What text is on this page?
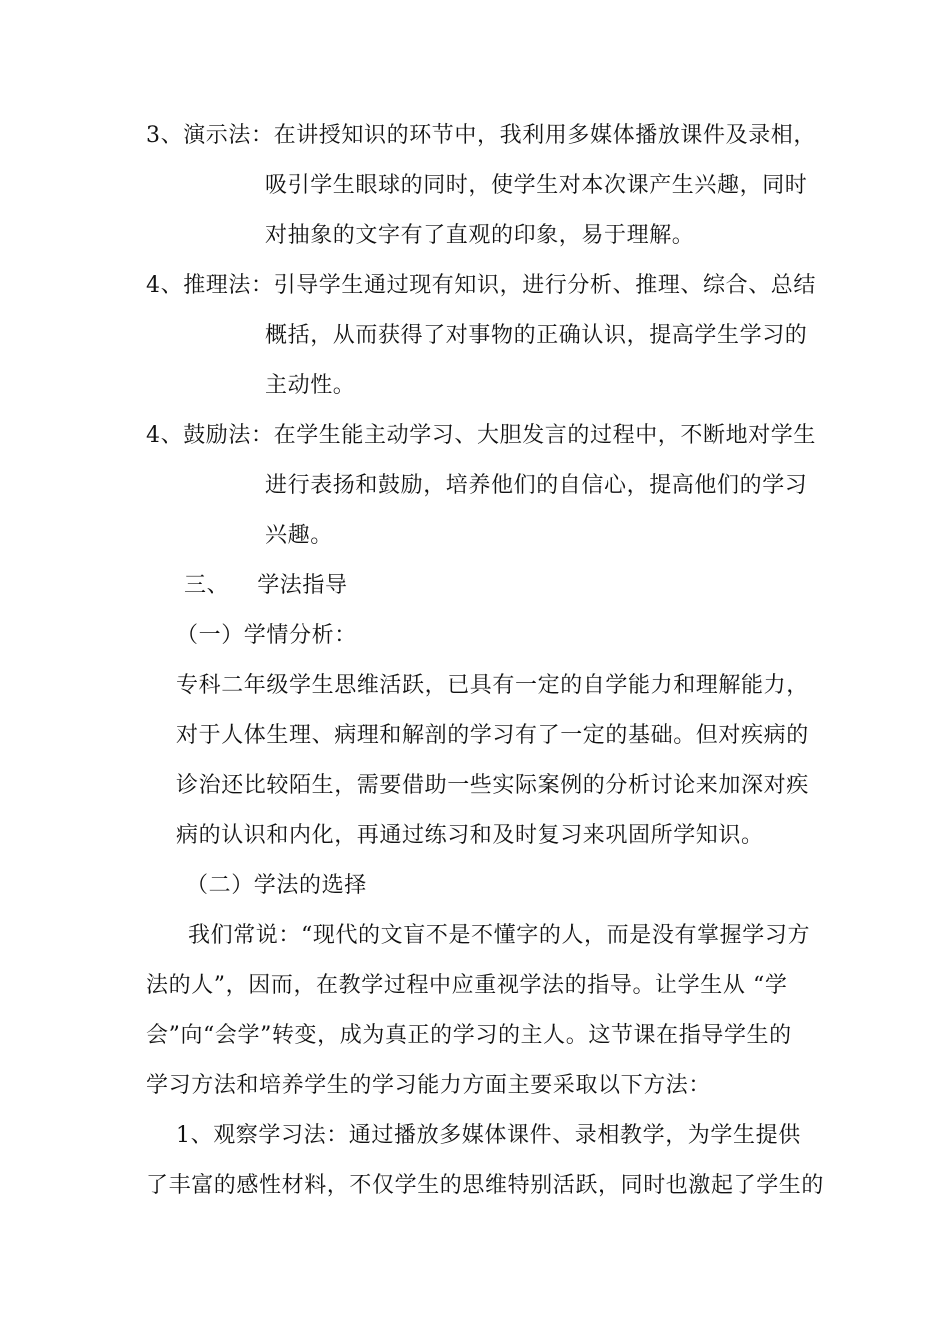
3、演示法：在讲授知识的环节中，我利用多媒体播放课件及录相，
吸引学生眼球的同时，使学生对本次课产生兴趣，同时
对抽象的文字有了直观的印象，易于理解。
4、推理法：引导学生通过现有知识，进行分析、推理、综合、总结
概括，从而获得了对事物的正确认识，提高学生学习的
主动性。
4、鼓励法：在学生能主动学习、大胆发言的过程中，不断地对学生
进行表扬和鼓励，培养他们的自信心，提高他们的学习
兴趣。
三、 学法指导
（一）学情分析：
专科二年级学生思维活跃，已具有一定的自学能力和理解能力，
对于人体生理、病理和解剖的学习有了一定的基础。但对疾病的
诊治还比较陌生，需要借助一些实际案例的分析讨论来加深对疾
病的认识和内化，再通过练习和及时复习来巩固所学知识。
（二）学法的选择
我们常说：“现代的文盲不是不懂字的人，而是没有掌握学习方
法的人”，因而，在教学过程中应重视学法的指导。让学生从 “学
会”向“会学”转变，成为真正的学习的主人。这节课在指导学生的
学习方法和培养学生的学习能力方面主要采取以下方法：
1、观察学习法：通过播放多媒体课件、录相教学，为学生提供
了丰富的感性材料，不仅学生的思维特别活跃，同时也激起了学生的
